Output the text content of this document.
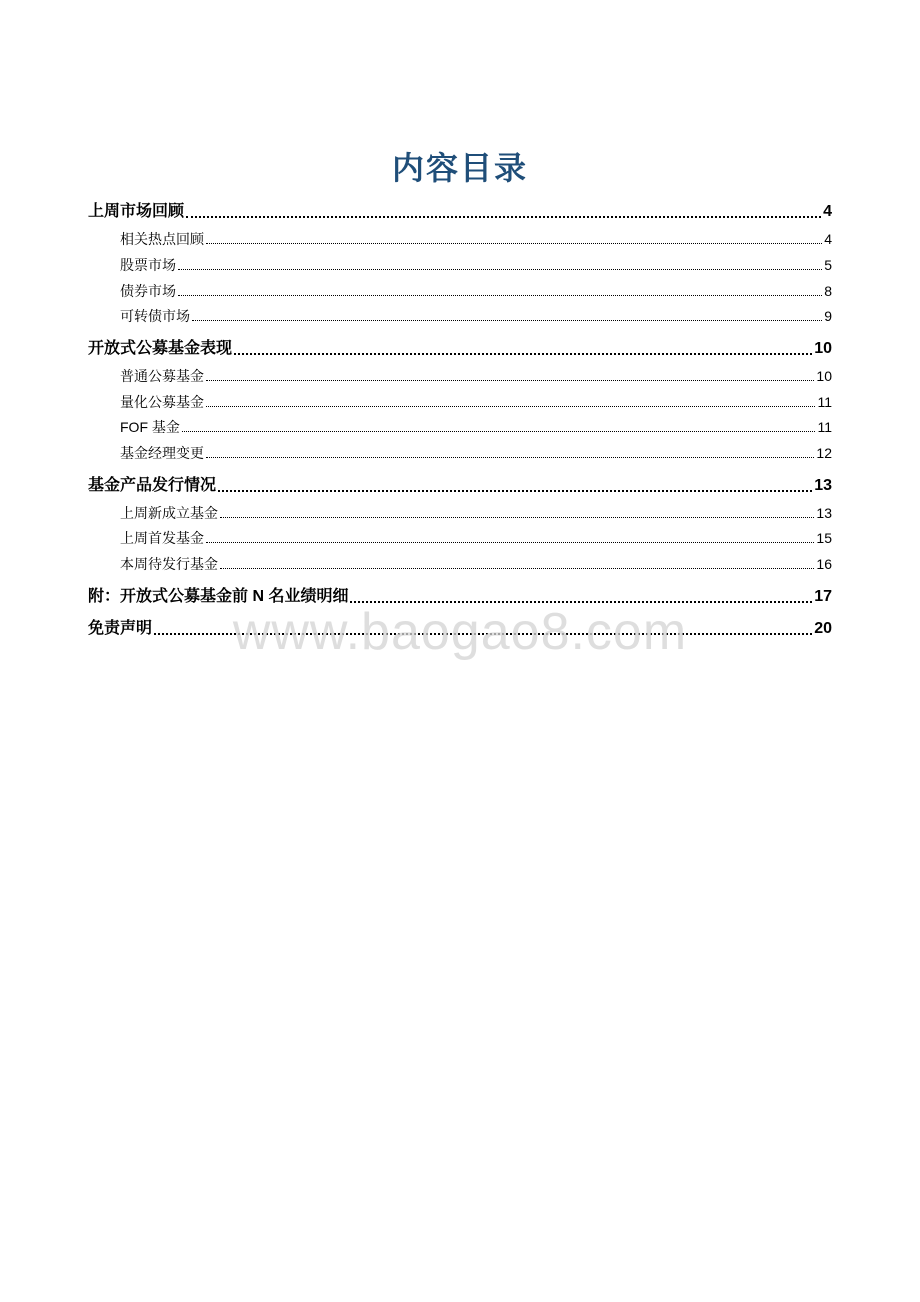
内容目录
上周市场回顾	4
相关热点回顾	4
股票市场	5
债券市场	8
可转债市场	9
开放式公募基金表现	10
普通公募基金	10
量化公募基金	11
FOF 基金	11
基金经理变更	12
基金产品发行情况	13
上周新成立基金	13
上周首发基金	15
本周待发行基金	16
附：开放式公募基金前 N 名业绩明细	17
免责声明	20
www.baogao8.com
